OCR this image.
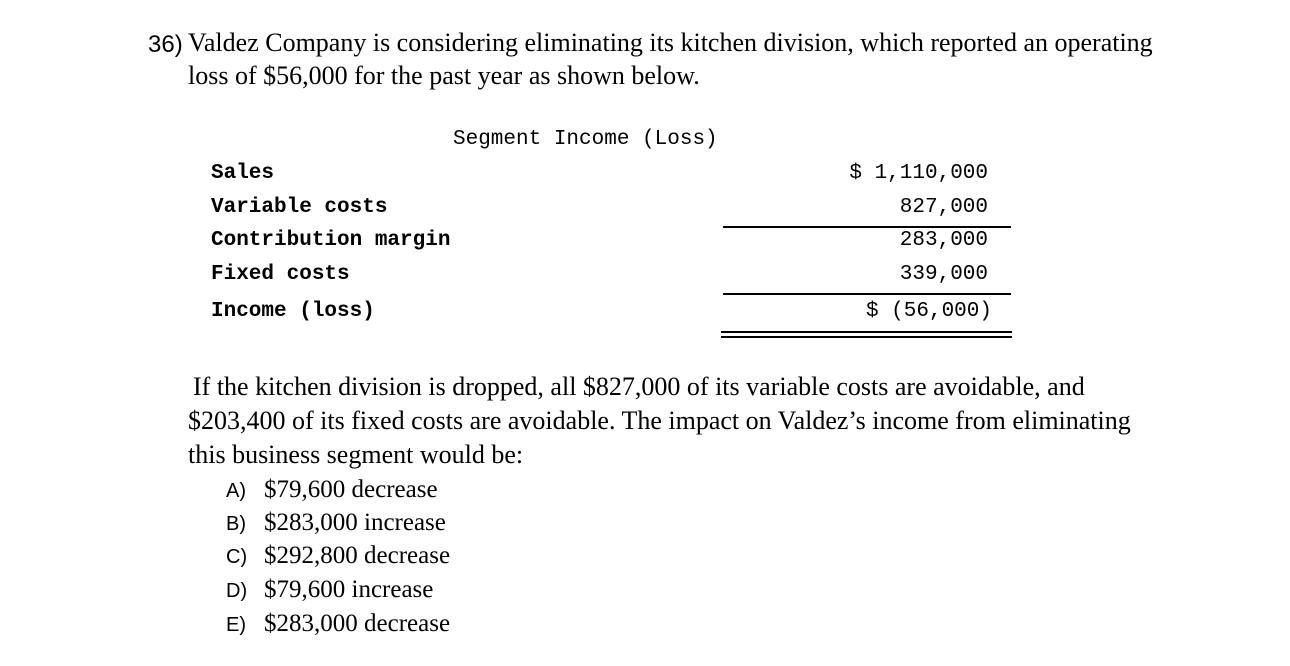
36) Valdez Company is considering eliminating its kitchen division, which reported an operating
loss of $56,000 for the past year as shown below.
Segment Income (Loss)
Sales	$ 1,110,000
Variable costs	827,000
Contribution margin	283,000
Fixed costs	339,000
Income (loss)	$ (56,000)
If the kitchen division is dropped, all $827,000 of its variable costs are avoidable, and
$203,400 of its fixed costs are avoidable. The impact on Valdez’s income from eliminating
this business segment would be:
A) $79,600 decrease
B) $283,000 increase
C) $292,800 decrease
D) $79,600 increase
E) $283,000 decrease
